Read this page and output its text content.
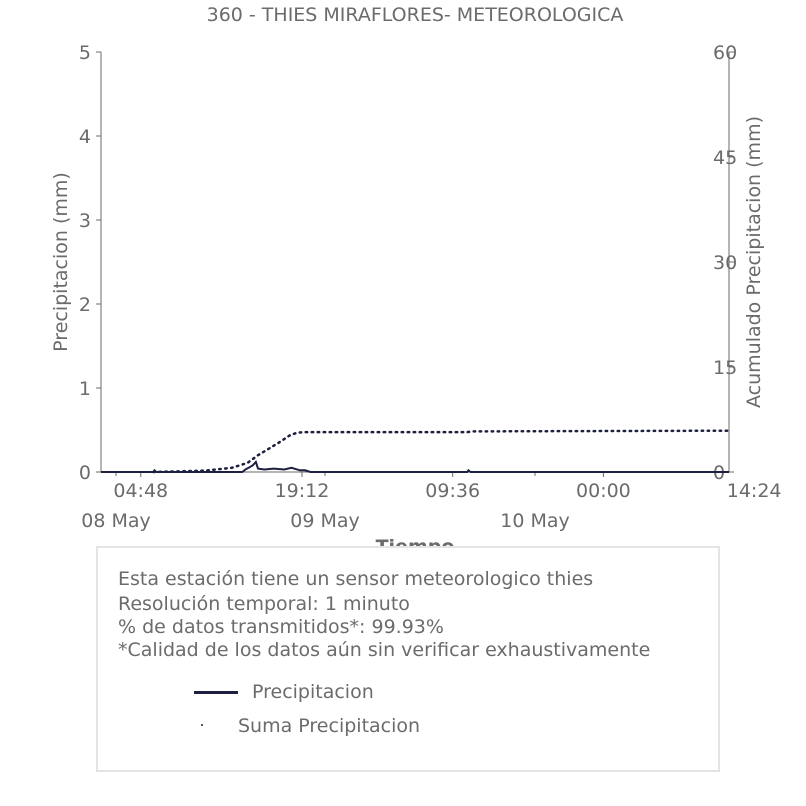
360 - THIES MIRAFLORES- METEOROLOGICA
0
1
2
3
4
5
0
15
30
45
60
04:48
08 May
19:12
09 May
09:36	00:00
10 May
14:24
Precipitacion (mm)	Acumulado Precipitacion (mm)
Esta estación tiene un sensor meteorologico thies
Resolución temporal: 1 minuto
% de datos transmitidos*: 99.93%
*Calidad de los datos aún sin verificar exhaustivamente
Precipitacion
Suma Precipitacion
